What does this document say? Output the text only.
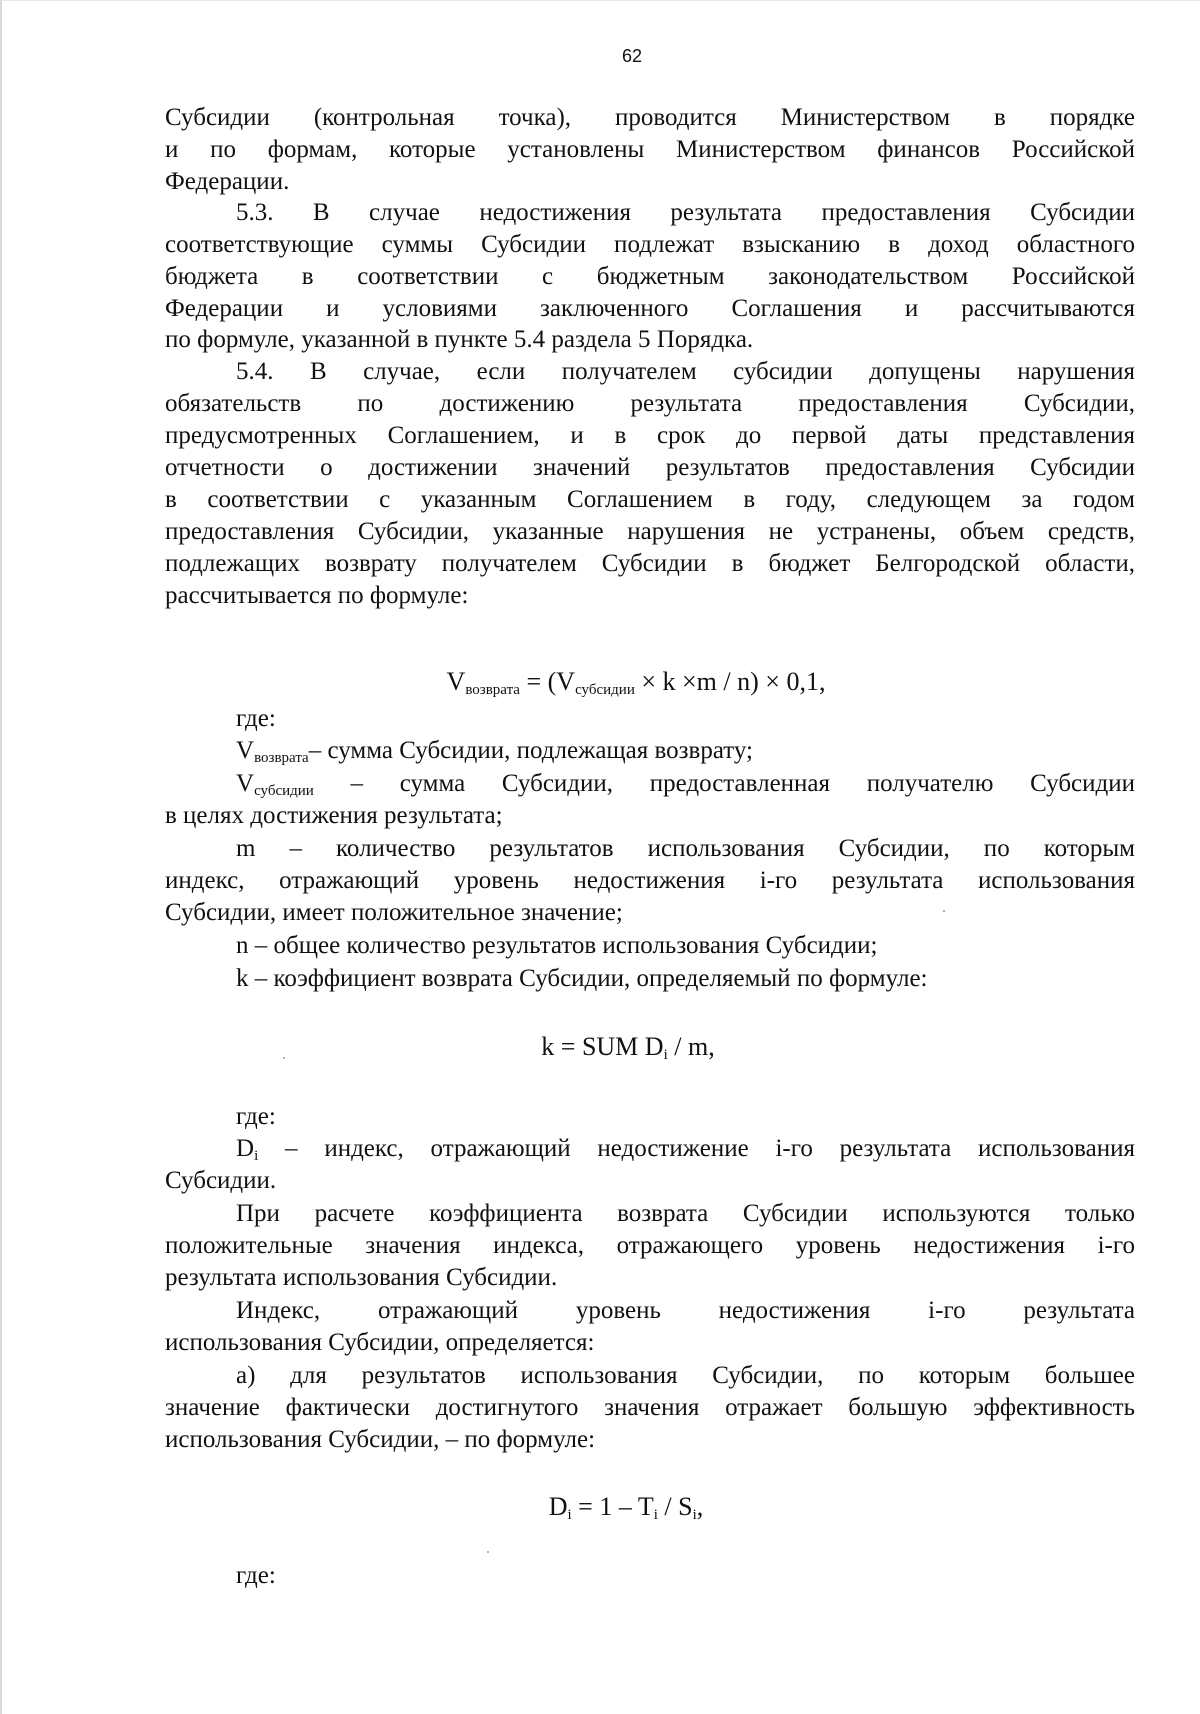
62
Субсидии (контрольная точка), проводится Министерством в порядке
и по формам, которые установлены Министерством финансов Российской
Федерации.
5.3. В случае недостижения результата предоставления Субсидии
соответствующие суммы Субсидии подлежат взысканию в доход областного
бюджета в соответствии с бюджетным законодательством Российской
Федерации и условиями заключенного Соглашения и рассчитываются
по формуле, указанной в пункте 5.4 раздела 5 Порядка.
5.4. В случае, если получателем субсидии допущены нарушения
обязательств по достижению результата предоставления Субсидии,
предусмотренных Соглашением, и в срок до первой даты представления
отчетности о достижении значений результатов предоставления Субсидии
в соответствии с указанным Соглашением в году, следующем за годом
предоставления Субсидии, указанные нарушения не устранены, объем средств,
подлежащих возврату получателем Субсидии в бюджет Белгородской области,
рассчитывается по формуле:
$V_{возврата} = (V_{субсидии} \times k \times m / n) \times 0,1$,
где:
$V_{возврата}-$ сумма Субсидии, подлежащая возврату;
$V_{субсидии}$ – сумма Субсидии, предоставленная получателю Субсидии
в целях достижения результата;
m – количество результатов использования Субсидии, по которым
индекс, отражающий уровень недостижения i-го результата использования
Субсидии, имеет положительное значение;
n – общее количество результатов использования Субсидии;
k – коэффициент возврата Субсидии, определяемый по формуле:
k = SUM $D_i$ / m,
где:
$D_i$ – индекс, отражающий недостижение i-го результата использования
Субсидии.
При расчете коэффициента возврата Субсидии используются только
положительные значения индекса, отражающего уровень недостижения i-го
результата использования Субсидии.
Индекс, отражающий уровень недостижения i-го результата
использования Субсидии, определяется:
а) для результатов использования Субсидии, по которым большее
значение фактически достигнутого значения отражает большую эффективность
использования Субсидии, – по формуле:
$D_i = 1 - T_i / S_i$,
где:
